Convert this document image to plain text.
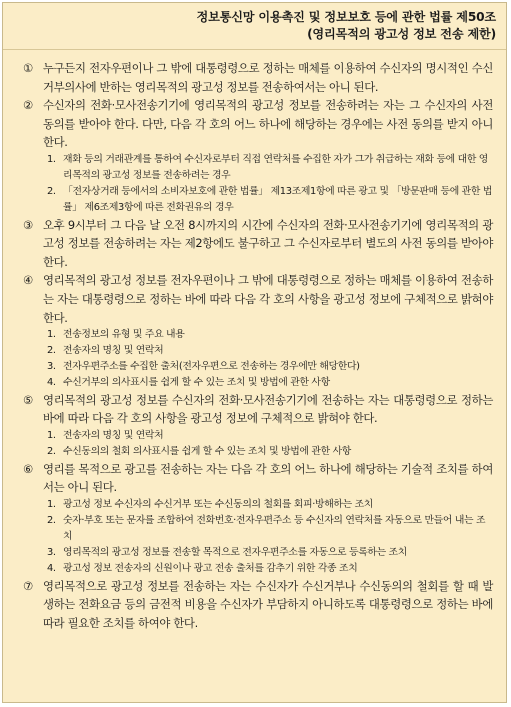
정보통신망 이용촉진 및 정보보호 등에 관한 법률 제50조
(영리목적의 광고성 정보 전송 제한)
① 누구든지 전자우편이나 그 밖에 대통령령으로 정하는 매체를 이용하여 수신자의 명시적인 수신거부의사에 반하는 영리목적의 광고성 정보를 전송하여서는 아니 된다.
② 수신자의 전화·모사전송기기에 영리목적의 광고성 정보를 전송하려는 자는 그 수신자의 사전 동의를 받아야 한다. 다만, 다음 각 호의 어느 하나에 해당하는 경우에는 사전 동의를 받지 아니한다.
1. 재화 등의 거래관계를 통하여 수신자로부터 직접 연락처를 수집한 자가 그가 취급하는 재화 등에 대한 영리목적의 광고성 정보를 전송하려는 경우
2. 「전자상거래 등에서의 소비자보호에 관한 법률」 제13조제1항에 따른 광고 및 「방문판매 등에 관한 법률」 제6조제3항에 따른 전화권유의 경우
③ 오후 9시부터 그 다음 날 오전 8시까지의 시간에 수신자의 전화·모사전송기기에 영리목적의 광고성 정보를 전송하려는 자는 제2항에도 불구하고 그 수신자로부터 별도의 사전 동의를 받아야 한다.
④ 영리목적의 광고성 정보를 전자우편이나 그 밖에 대통령령으로 정하는 매체를 이용하여 전송하는 자는 대통령령으로 정하는 바에 따라 다음 각 호의 사항을 광고성 정보에 구체적으로 밝혀야 한다.
1. 전송정보의 유형 및 주요 내용
2. 전송자의 명칭 및 연락처
3. 전자우편주소를 수집한 출처(전자우편으로 전송하는 경우에만 해당한다)
4. 수신거부의 의사표시를 쉽게 할 수 있는 조치 및 방법에 관한 사항
⑤ 영리목적의 광고성 정보를 수신자의 전화·모사전송기기에 전송하는 자는 대통령령으로 정하는 바에 따라 다음 각 호의 사항을 광고성 정보에 구체적으로 밝혀야 한다.
1. 전송자의 명칭 및 연락처
2. 수신동의의 철회 의사표시를 쉽게 할 수 있는 조치 및 방법에 관한 사항
⑥ 영리를 목적으로 광고를 전송하는 자는 다음 각 호의 어느 하나에 해당하는 기술적 조치를 하여서는 아니 된다.
1. 광고성 정보 수신자의 수신거부 또는 수신동의의 철회를 회피·방해하는 조치
2. 숫자·부호 또는 문자를 조합하여 전화번호·전자우편주소 등 수신자의 연락처를 자동으로 만들어 내는 조치
3. 영리목적의 광고성 정보를 전송할 목적으로 전자우편주소를 자동으로 등록하는 조치
4. 광고성 정보 전송자의 신원이나 광고 전송 출처를 감추기 위한 각종 조치
⑦ 영리목적으로 광고성 정보를 전송하는 자는 수신자가 수신거부나 수신동의의 철회를 할 때 발생하는 전화요금 등의 금전적 비용을 수신자가 부담하지 아니하도록 대통령령으로 정하는 바에 따라 필요한 조치를 하여야 한다.
